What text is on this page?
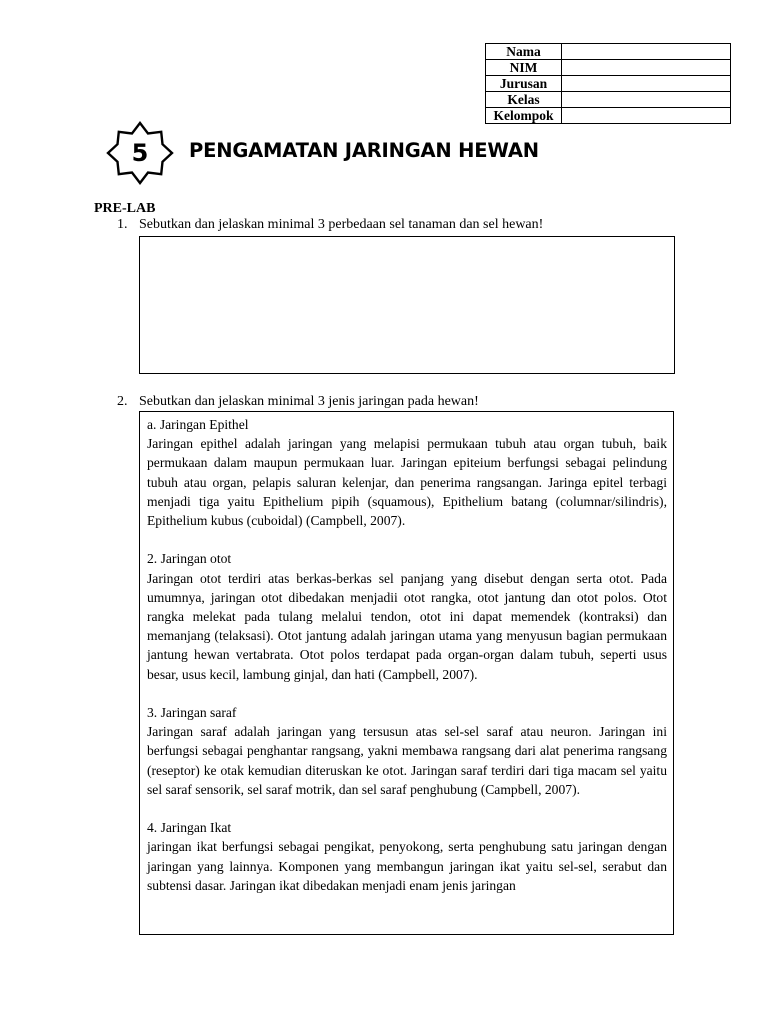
Nama	
NIM	
Jurusan	
Kelas	
Kelompok	
5	PENGAMATAN JARINGAN HEWAN
PRE-LAB
1. Sebutkan dan jelaskan minimal 3 perbedaan sel tanaman dan sel hewan!
2. Sebutkan dan jelaskan minimal 3 jenis jaringan pada hewan!

a. Jaringan Epithel

Jaringan epithel adalah jaringan yang melapisi permukaan tubuh atau organ tubuh, baik permukaan dalam maupun permukaan luar. Jaringan epiteium berfungsi sebagai pelindung tubuh atau organ, pelapis saluran kelenjar, dan penerima rangsangan. Jaringa epitel terbagi menjadi tiga yaitu Epithelium pipih (squamous), Epithelium batang (columnar/silindris), Epithelium kubus (cuboidal) (Campbell, 2007).

2. Jaringan otot

Jaringan otot terdiri atas berkas-berkas sel panjang yang disebut dengan serta otot. Pada umumnya, jaringan otot dibedakan menjadii otot rangka, otot jantung dan otot polos. Otot rangka melekat pada tulang melalui tendon, otot ini dapat memendek (kontraksi) dan memanjang (telaksasi). Otot jantung adalah jaringan utama yang menyusun bagian permukaan jantung hewan vertabrata. Otot polos terdapat pada organ-organ dalam tubuh, seperti usus besar, usus kecil, lambung ginjal, dan hati (Campbell, 2007).

3. Jaringan saraf

Jaringan saraf adalah jaringan yang tersusun atas sel-sel saraf atau neuron. Jaringan ini berfungsi sebagai penghantar rangsang, yakni membawa rangsang dari alat penerima rangsang (reseptor) ke otak kemudian diteruskan ke otot. Jaringan saraf terdiri dari tiga macam sel yaitu sel saraf sensorik, sel saraf motrik, dan sel saraf penghubung (Campbell, 2007).

4. Jaringan Ikat

jaringan ikat berfungsi sebagai pengikat, penyokong, serta penghubung satu jaringan dengan jaringan yang lainnya. Komponen yang membangun jaringan ikat yaitu sel-sel, serabut dan subtensi dasar. Jaringan ikat dibedakan menjadi enam jenis jaringan
